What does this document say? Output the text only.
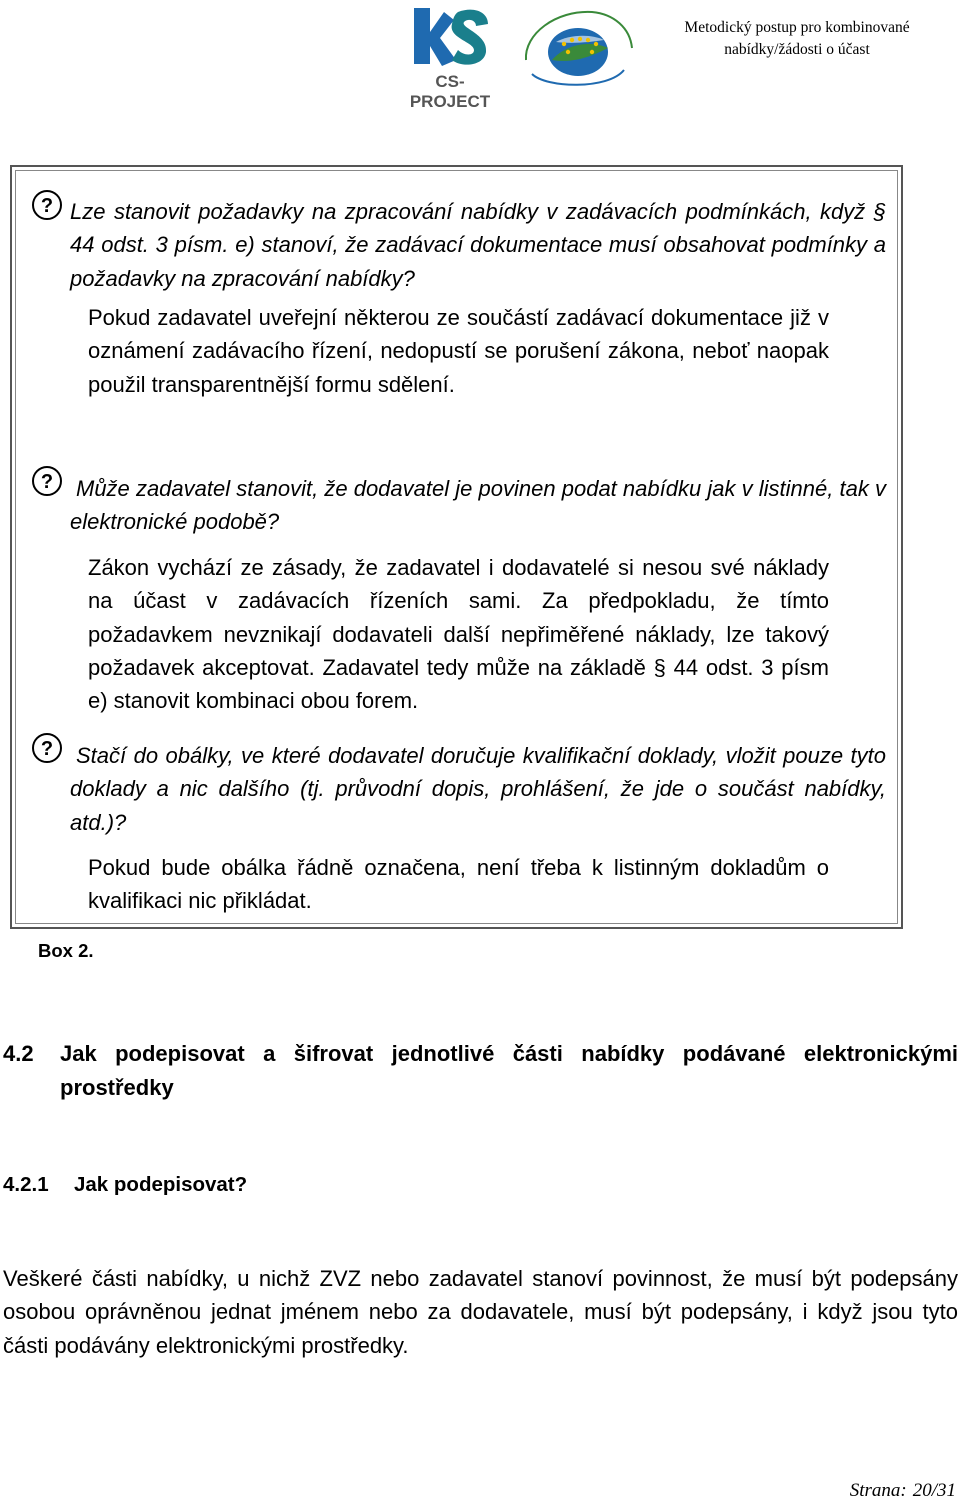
CS-PROJECT
Metodický postup pro kombinované
nabídky/žádosti o účast
? Lze stanovit požadavky na zpracování nabídky v zadávacích podmínkách, když § 44 odst. 3 písm. e) stanoví, že zadávací dokumentace musí obsahovat podmínky a požadavky na zpracování nabídky?
Pokud zadavatel uveřejní některou ze součástí zadávací dokumentace již v oznámení zadávacího řízení, nedopustí se porušení zákona, neboť naopak použil transparentnější formu sdělení.
? Může zadavatel stanovit, že dodavatel je povinen podat nabídku jak v listinné, tak v elektronické podobě?
Zákon vychází ze zásady, že zadavatel i dodavatelé si nesou své náklady na účast v zadávacích řízeních sami. Za předpokladu, že tímto požadavkem nevznikají dodavateli další nepřiměřené náklady, lze takový požadavek akceptovat. Zadavatel tedy může na základě § 44 odst. 3 písm e) stanovit kombinaci obou forem.
? Stačí do obálky, ve které dodavatel doručuje kvalifikační doklady, vložit pouze tyto doklady a nic dalšího (tj. průvodní dopis, prohlášení, že jde o součást nabídky, atd.)?
Pokud bude obálka řádně označena, není třeba k listinným dokladům o kvalifikaci nic přikládat.
Box 2.
4.2 Jak podepisovat a šifrovat jednotlivé části nabídky podávané elektronickými prostředky
4.2.1 Jak podepisovat?
Veškeré části nabídky, u nichž ZVZ nebo zadavatel stanoví povinnost, že musí být podepsány osobou oprávněnou jednat jménem nebo za dodavatele, musí být podepsány, i když jsou tyto části podávány elektronickými prostředky.
Strana: 20/31
